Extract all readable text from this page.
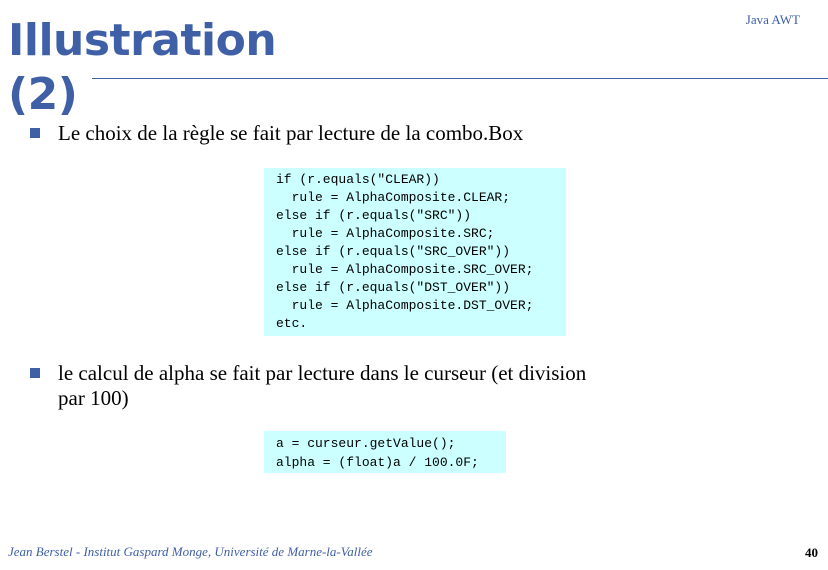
Illustration (2)
Java AWT
Le choix de la règle se fait par lecture de la combo.Box
if (r.equals("CLEAR))
rule = AlphaComposite.CLEAR;
else if (r.equals("SRC"))
rule = AlphaComposite.SRC;
else if (r.equals("SRC_OVER"))
rule = AlphaComposite.SRC_OVER;
else if (r.equals("DST_OVER"))
rule = AlphaComposite.DST_OVER;
etc.
le calcul de alpha se fait par lecture dans le curseur (et division par 100)
a = curseur.getValue();
alpha = (float)a / 100.0F;
Jean Berstel - Institut Gaspard Monge, Université de Marne-la-Vallée	40
